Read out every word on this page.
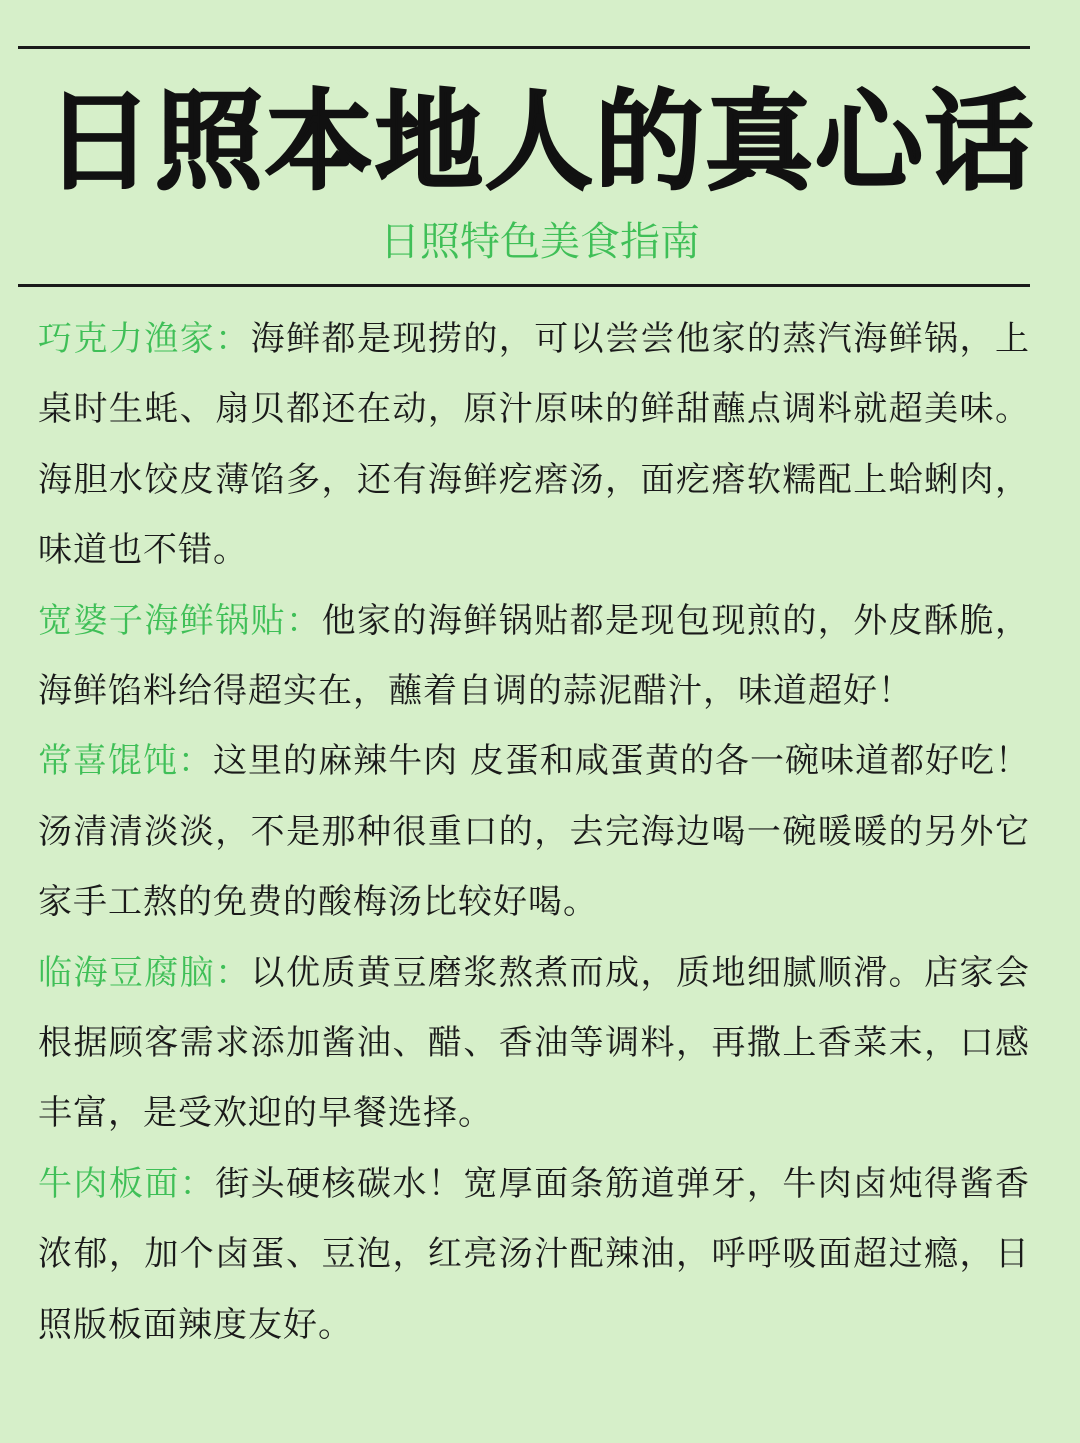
日照本地人的真心话
日照特色美食指南

巧克力渔家：海鲜都是现捞的，可以尝尝他家的蒸汽海鲜锅，上桌时生蚝、扇贝都还在动，原汁原味的鲜甜蘸点调料就超美味。海胆水饺皮薄馅多，还有海鲜疙瘩汤，面疙瘩软糯配上蛤蜊肉，味道也不错。

宽婆子海鲜锅贴：他家的海鲜锅贴都是现包现煎的，外皮酥脆，海鲜馅料给得超实在，蘸着自调的蒜泥醋汁，味道超好！

常喜馄饨：这里的麻辣牛肉 皮蛋和咸蛋黄的各一碗味道都好吃！汤清清淡淡，不是那种很重口的，去完海边喝一碗暖暖的另外它家手工熬的免费的酸梅汤比较好喝。

临海豆腐脑：以优质黄豆磨浆熬煮而成，质地细腻顺滑。店家会根据顾客需求添加酱油、醋、香油等调料，再撒上香菜末，口感丰富，是受欢迎的早餐选择。

牛肉板面：街头硬核碳水！宽厚面条筋道弹牙，牛肉卤炖得酱香浓郁，加个卤蛋、豆泡，红亮汤汁配辣油，呼呼吸面超过瘾，日照版板面辣度友好。
